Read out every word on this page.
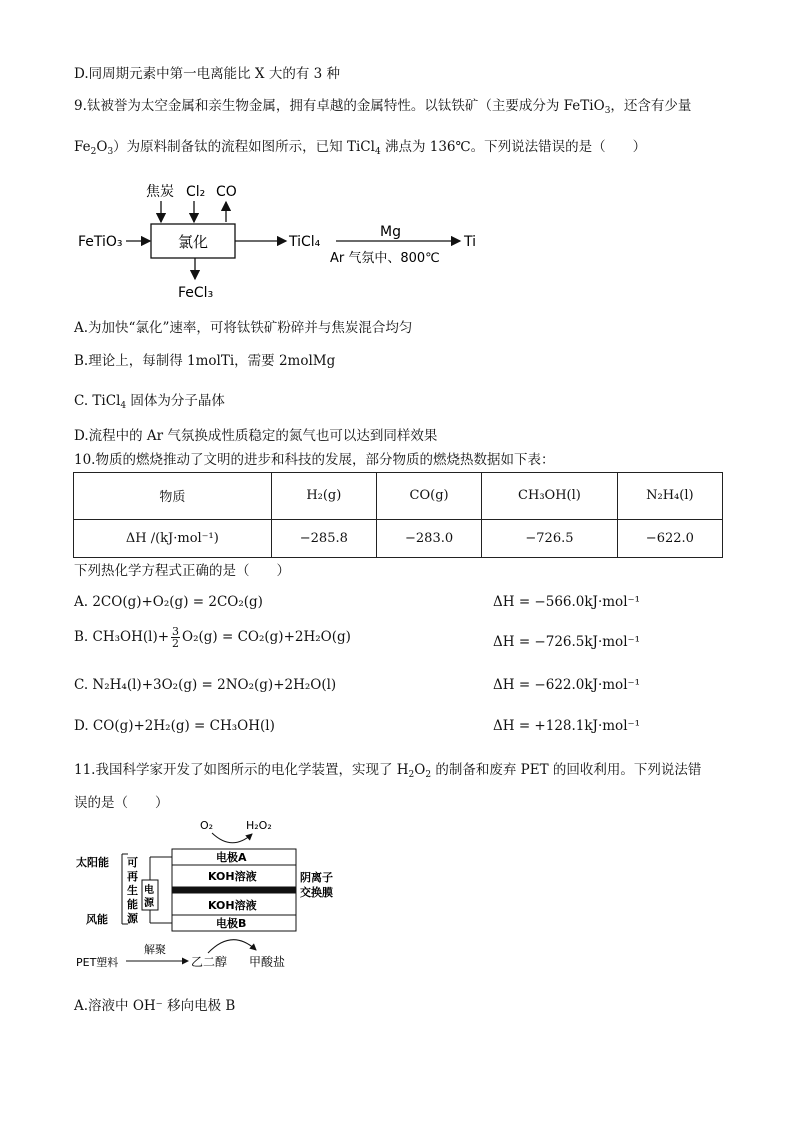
D.同周期元素中第一电离能比 X 大的有 3 种
9.钛被誉为太空金属和亲生物金属，拥有卓越的金属特性。以钛铁矿（主要成分为 FeTiO$_3$，还含有少量
$Fe_2O_3$）为原料制备钛的流程如图所示，已知 TiCl$_4$ 沸点为 136℃。下列说法错误的是（　　）
FeTiO₃	氯化
焦炭 Cl₂ CO
FeCl₃
TiCl₄
Mg
Ar 气氛中、800℃
Ti
A.为加快“氯化”速率，可将钛铁矿粉碎并与焦炭混合均匀
B.理论上，每制得 1molTi，需要 2molMg
C. TiCl$_4$ 固体为分子晶体
D.流程中的 Ar 气氛换成性质稳定的氮气也可以达到同样效果
10.物质的燃烧推动了文明的进步和科技的发展，部分物质的燃烧热数据如下表：
物质	H₂(g)	CO(g)	CH₃OH(l)	N₂H₄(l)
ΔH /(kJ·mol⁻¹)	−285.8	−283.0	−726.5	−622.0
下列热化学方程式正确的是（　　）
A. 2CO(g)+O₂(g) = 2CO₂(g)	ΔH = −566.0kJ·mol⁻¹
B. $CH_3OH(l)+ \frac{3}{2} O_2(g) = CO_2(g)+2H_2O(g)$	ΔH = −726.5kJ·mol⁻¹
C. N₂H₄(l)+3O₂(g) = 2NO₂(g)+2H₂O(l)	ΔH = −622.0kJ·mol⁻¹
D. CO(g)+2H₂(g) = CH₃OH(l)	ΔH = +128.1kJ·mol⁻¹
11.我国科学家开发了如图所示的电化学装置，实现了 $H_2O_2$ 的制备和废弃 PET 的回收利用。下列说法错
误的是（　　）
O₂	H₂O₂
电极A
KOH溶液
KOH溶液
电极B
电
源
可
再
生
能
源
太阳能
风能
阴离子
交换膜
PET塑料
解聚
乙二醇 甲酸盐
A.溶液中 OH⁻ 移向电极 B
